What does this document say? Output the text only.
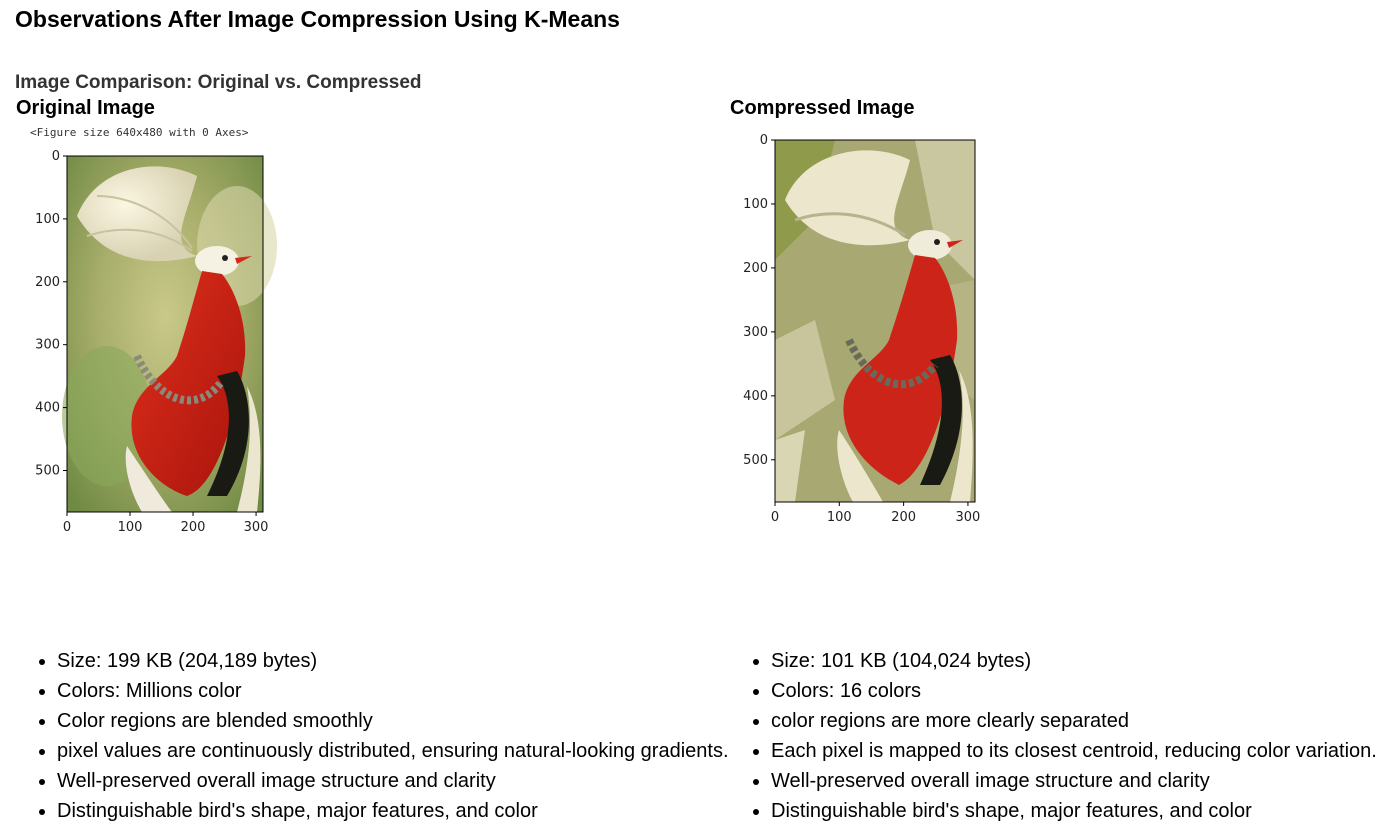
Observations After Image Compression Using K-Means
Image Comparison: Original vs. Compressed
Original Image
<Figure size 640x480 with 0 Axes>
0
100
200
300
400
500
0	100	200	300
• Size: 199 KB (204,189 bytes)
• Colors: Millions color
• Color regions are blended smoothly
• pixel values are continuously distributed, ensuring natural-looking gradients.
• Well-preserved overall image structure and clarity
• Distinguishable bird's shape, major features, and color
Compressed Image
0
100
200
300
400
500
0	100	200	300
• Size: 101 KB (104,024 bytes)
• Colors: 16 colors
• color regions are more clearly separated
• Each pixel is mapped to its closest centroid, reducing color variation.
• Well-preserved overall image structure and clarity
• Distinguishable bird's shape, major features, and color
